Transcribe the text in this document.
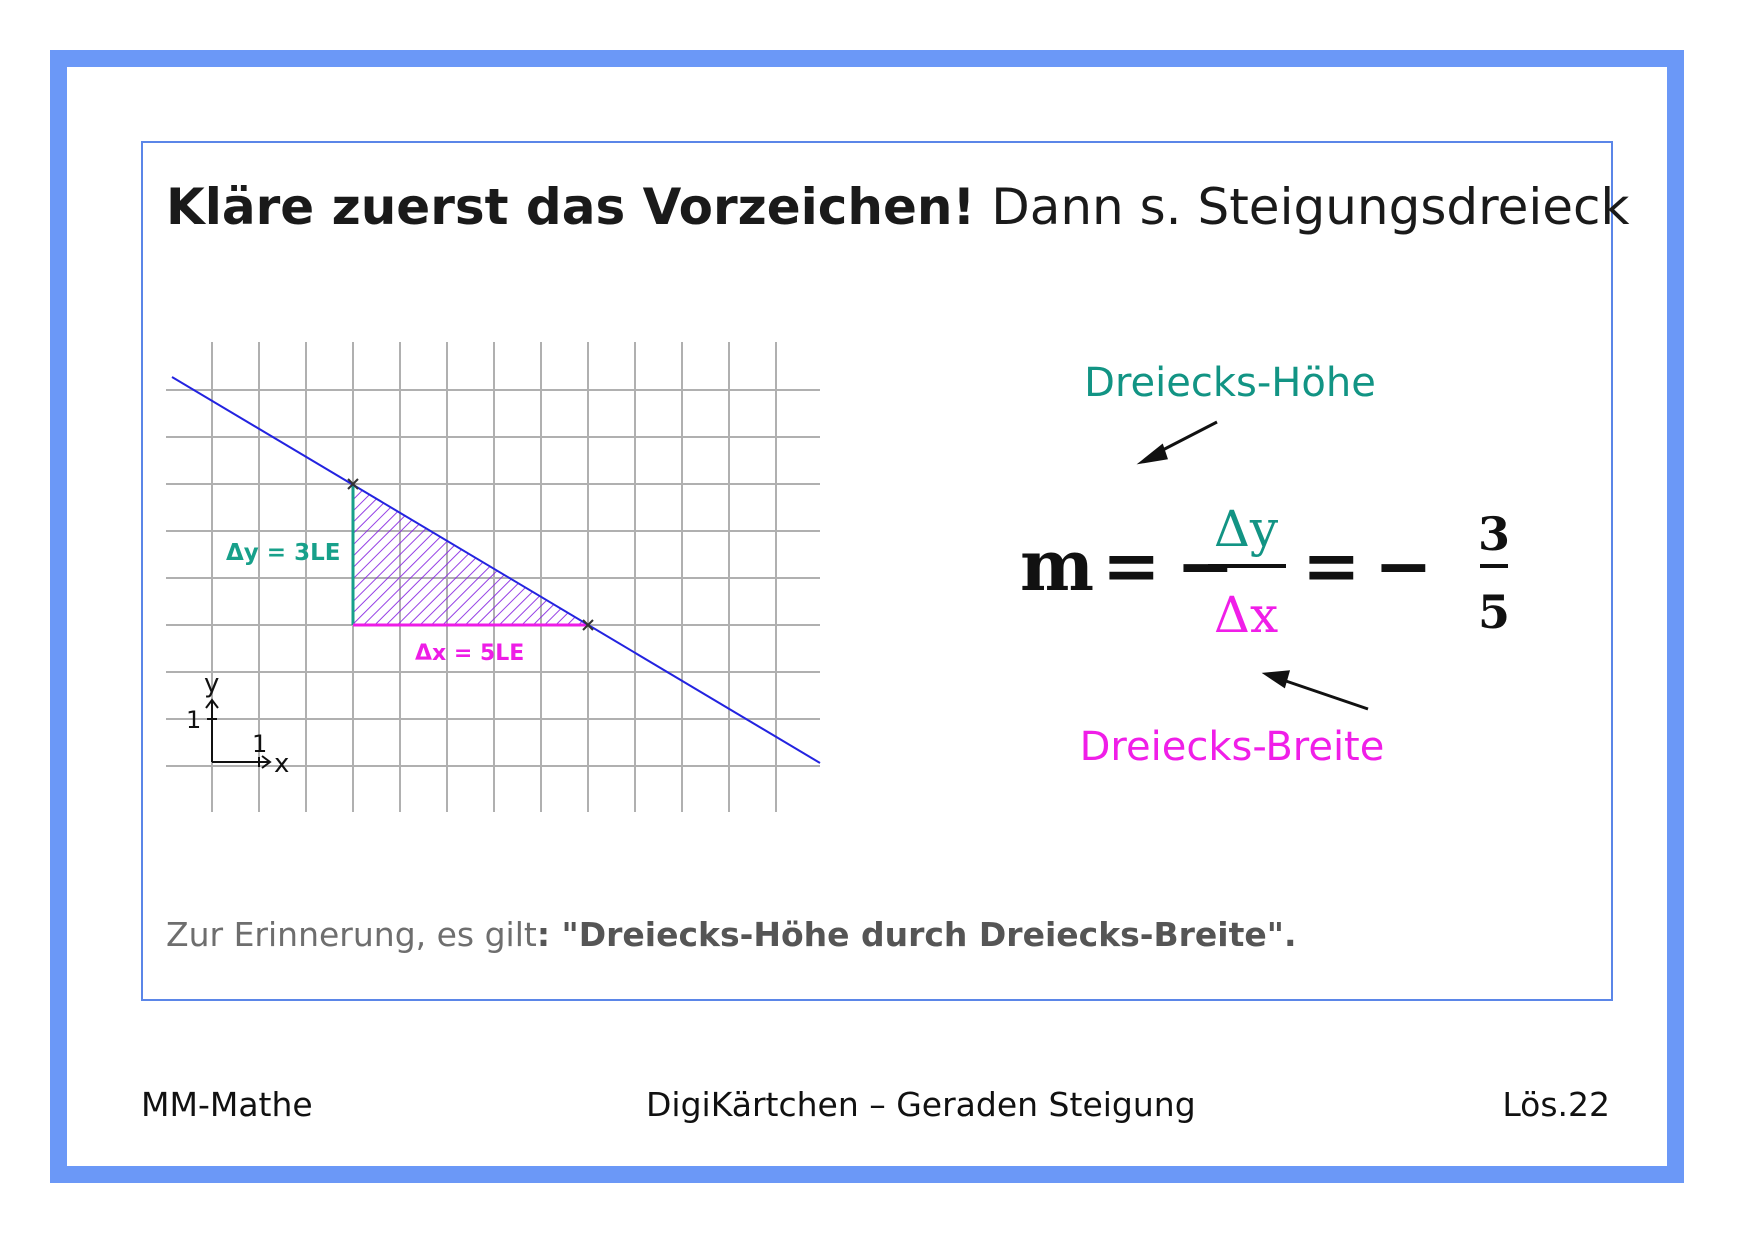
Kläre zuerst das Vorzeichen! Dann s. Steigungsdreieck
Δy = 3LE
Δx = 5LE
y
x
1
1
Dreiecks-Höhe
m = −
Δy
Δx
= − 3
5
Dreiecks-Breite
Zur Erinnerung, es gilt: "Dreiecks-Höhe durch Dreiecks-Breite".
MM-Mathe	DigiKärtchen – Geraden Steigung	Lös.22
